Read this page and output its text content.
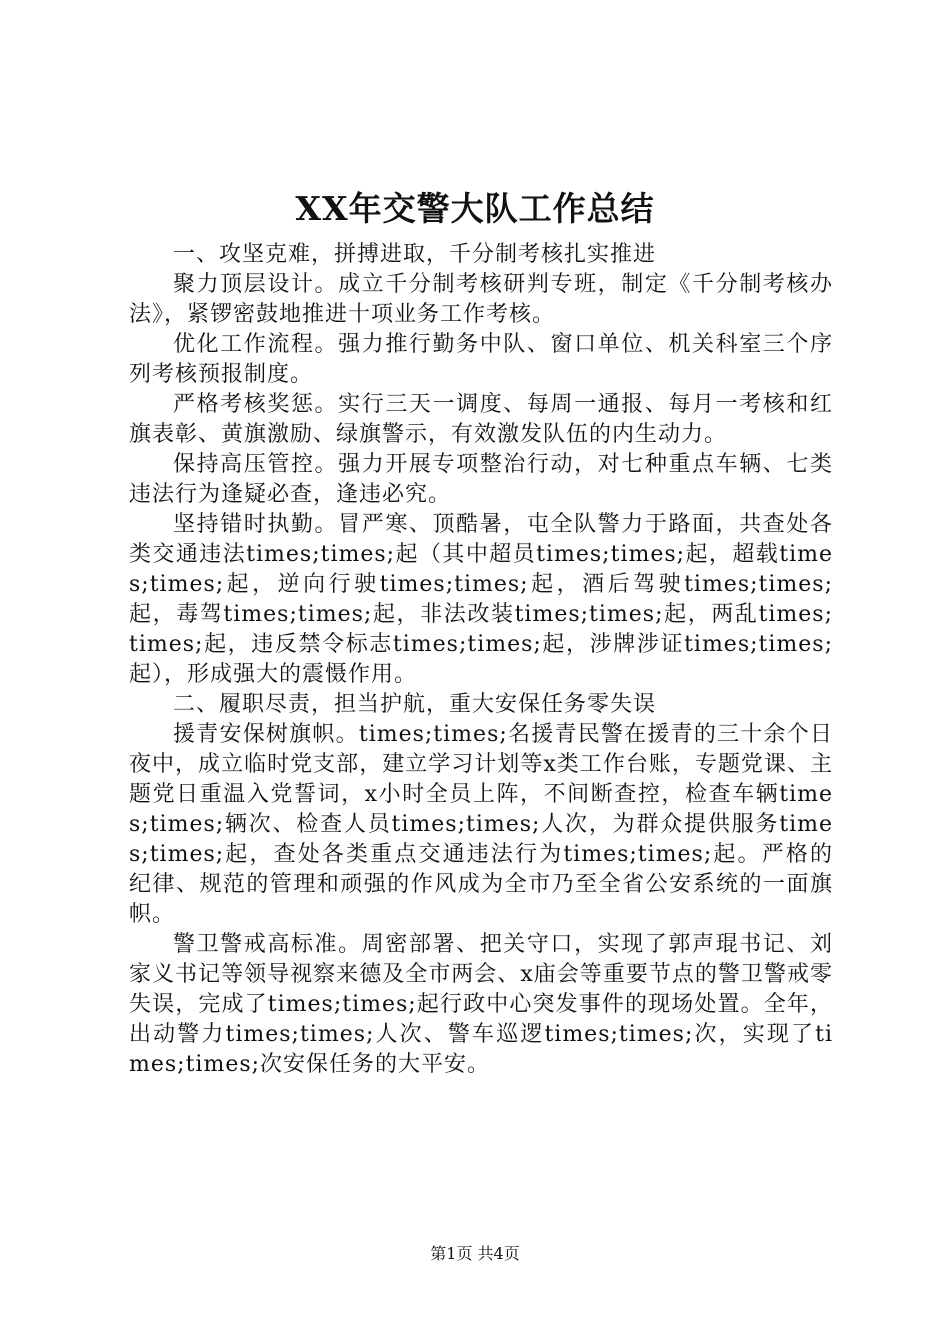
XX年交警大队工作总结

一、攻坚克难，拼搏进取，千分制考核扎实推进

聚力顶层设计。成立千分制考核研判专班，制定《千分制考核办法》，紧锣密鼓地推进十项业务工作考核。

优化工作流程。强力推行勤务中队、窗口单位、机关科室三个序列考核预报制度。

严格考核奖惩。实行三天一调度、每周一通报、每月一考核和红旗表彰、黄旗激励、绿旗警示，有效激发队伍的内生动力。

保持高压管控。强力开展专项整治行动，对七种重点车辆、七类违法行为逢疑必查，逢违必究。

坚持错时执勤。冒严寒、顶酷暑，屯全队警力于路面，共查处各类交通违法times;times;起（其中超员times;times;起，超载times;times;起，逆向行驶times;times;起，酒后驾驶times;times;起，毒驾times;times;起，非法改装times;times;起，两乱times;times;起，违反禁令标志times;times;起，涉牌涉证times;times;起），形成强大的震慑作用。

二、履职尽责，担当护航，重大安保任务零失误

援青安保树旗帜。times;times;名援青民警在援青的三十余个日夜中，成立临时党支部，建立学习计划等x类工作台账，专题党课、主题党日重温入党誓词，x小时全员上阵，不间断查控，检查车辆times;times;辆次、检查人员times;times;人次，为群众提供服务times;times;起，查处各类重点交通违法行为times;times;起。严格的纪律、规范的管理和顽强的作风成为全市乃至全省公安系统的一面旗帜。

警卫警戒高标准。周密部署、把关守口，实现了郭声琨书记、刘家义书记等领导视察来德及全市两会、x庙会等重要节点的警卫警戒零失误，完成了times;times;起行政中心突发事件的现场处置。全年，出动警力times;times;人次、警车巡逻times;times;次，实现了times;times;次安保任务的大平安。

第1页 共4页
